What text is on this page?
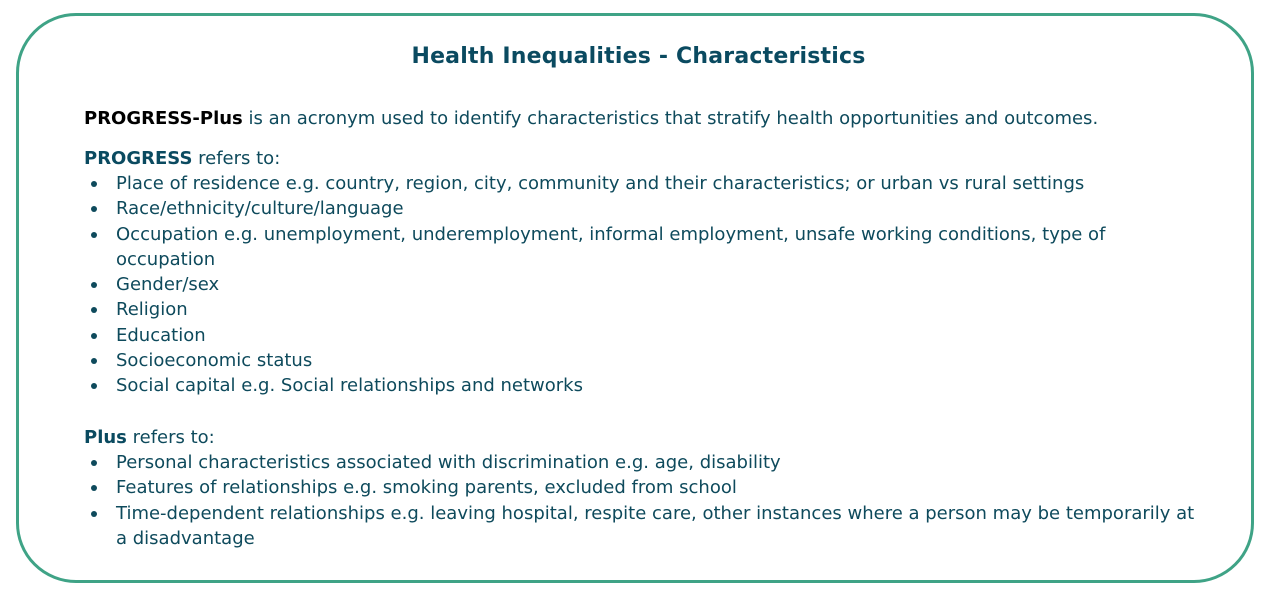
Health Inequalities - Characteristics
PROGRESS-Plus is an acronym used to identify characteristics that stratify health opportunities and outcomes.
PROGRESS refers to:
Place of residence e.g. country, region, city, community and their characteristics; or urban vs rural settings
Race/ethnicity/culture/language
Occupation e.g. unemployment, underemployment, informal employment, unsafe working conditions, type of occupation
Gender/sex
Religion
Education
Socioeconomic status
Social capital e.g. Social relationships and networks
Plus refers to:
Personal characteristics associated with discrimination e.g. age, disability
Features of relationships e.g. smoking parents, excluded from school
Time-dependent relationships e.g. leaving hospital, respite care, other instances where a person may be temporarily at a disadvantage
